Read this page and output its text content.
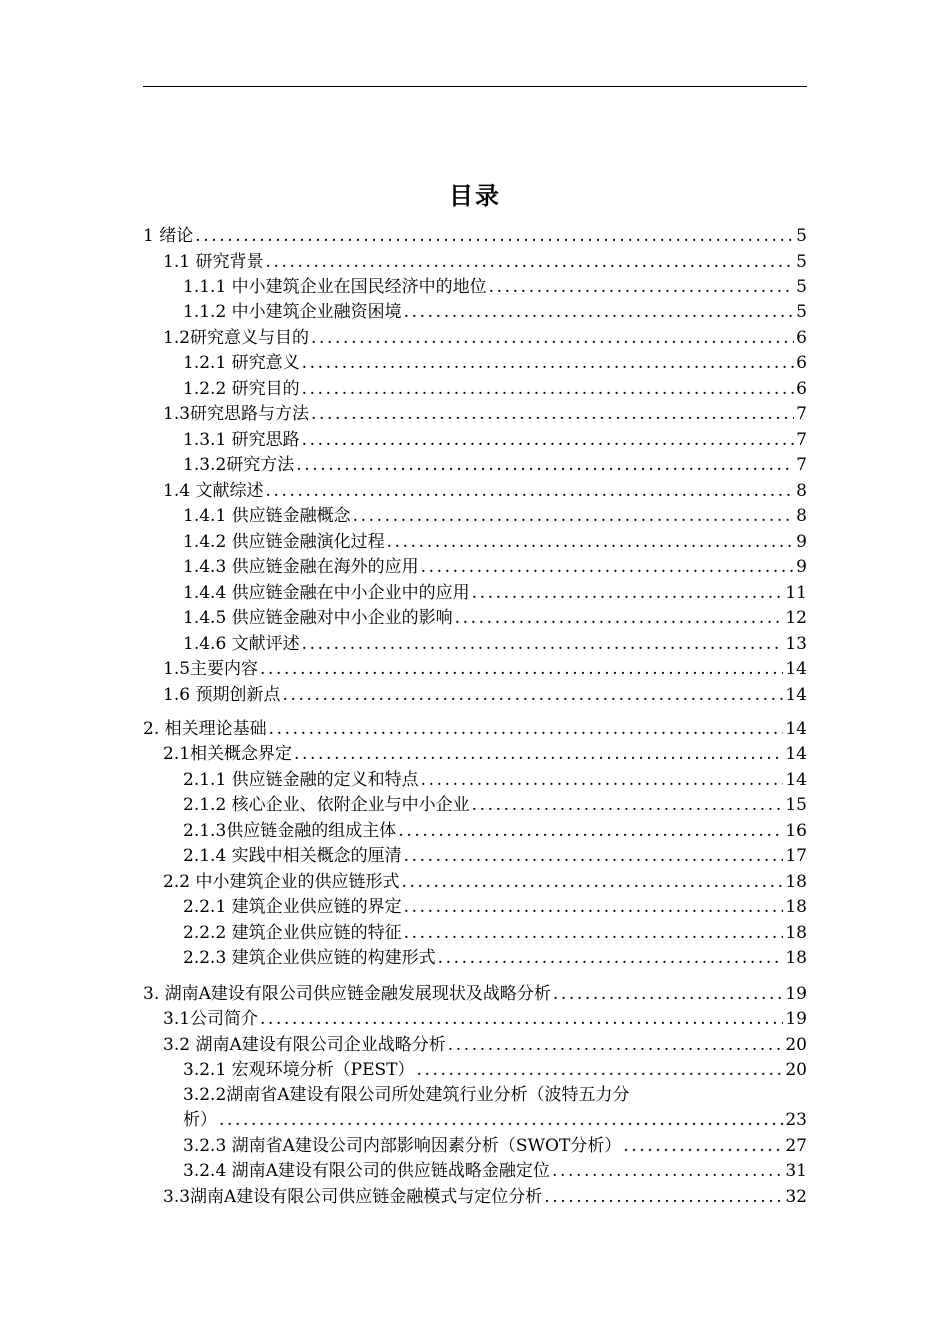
目录
1 绪论 .....	5
1.1 研究背景 .....	5
1.1.1 中小建筑企业在国民经济中的地位 .....	5
1.1.2 中小建筑企业融资困境 .....	5
1.2研究意义与目的 .....	6
1.2.1 研究意义 .....	6
1.2.2 研究目的 .....	6
1.3研究思路与方法 .....	7
1.3.1 研究思路 .....	7
1.3.2研究方法 .....	7
1.4 文献综述 .....	8
1.4.1 供应链金融概念 .....	8
1.4.2 供应链金融演化过程 .....	9
1.4.3 供应链金融在海外的应用 .....	9
1.4.4 供应链金融在中小企业中的应用 .....	11
1.4.5 供应链金融对中小企业的影响 .....	12
1.4.6 文献评述 .....	13
1.5主要内容 .....	14
1.6 预期创新点 .....	14
2. 相关理论基础 .....	14
2.1相关概念界定 .....	14
2.1.1 供应链金融的定义和特点 .....	14
2.1.2 核心企业、依附企业与中小企业 .....	15
2.1.3供应链金融的组成主体 .....	16
2.1.4 实践中相关概念的厘清 .....	17
2.2 中小建筑企业的供应链形式 .....	18
2.2.1 建筑企业供应链的界定 .....	18
2.2.2 建筑企业供应链的特征 .....	18
2.2.3 建筑企业供应链的构建形式 .....	18
3. 湖南A建设有限公司供应链金融发展现状及战略分析 .....	19
3.1公司简介 .....	19
3.2 湖南A建设有限公司企业战略分析 .....	20
3.2.1 宏观环境分析（PEST） .....	20
3.2.2湖南省A建设有限公司所处建筑行业分析（波特五力分
析） .....	23
3.2.3 湖南省A建设公司内部影响因素分析（SWOT分析） .....	27
3.2.4 湖南A建设有限公司的供应链战略金融定位 .....	31
3.3湖南A建设有限公司供应链金融模式与定位分析 .....	32
